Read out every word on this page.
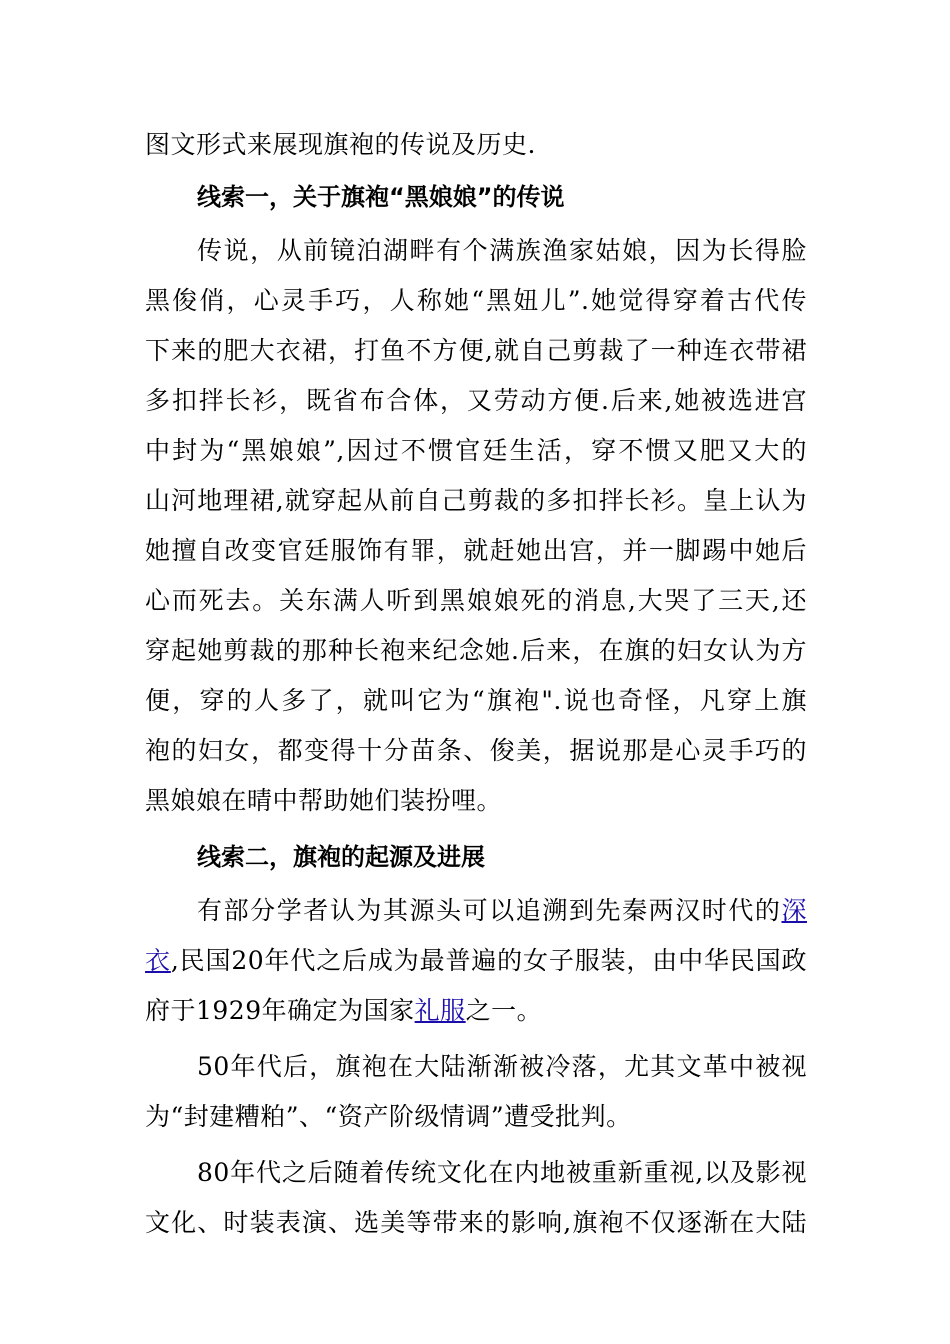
图文形式来展现旗袍的传说及历史.
线索一，关于旗袍“黑娘娘”的传说
传说，从前镜泊湖畔有个满族渔家姑娘，因为长得脸
黑俊俏，心灵手巧，人称她“黑妞儿”.她觉得穿着古代传
下来的肥大衣裙，打鱼不方便,就自己剪裁了一种连衣带裙
多扣拌长衫，既省布合体，又劳动方便.后来,她被选进宫
中封为“黑娘娘”,因过不惯官廷生活，穿不惯又肥又大的
山河地理裙,就穿起从前自己剪裁的多扣拌长衫。皇上认为
她擅自改变官廷服饰有罪，就赶她出宫，并一脚踢中她后
心而死去。关东满人听到黑娘娘死的消息,大哭了三天,还
穿起她剪裁的那种长袍来纪念她.后来，在旗的妇女认为方
便，穿的人多了，就叫它为“旗袍".说也奇怪，凡穿上旗
袍的妇女，都变得十分苗条、俊美，据说那是心灵手巧的
黑娘娘在晴中帮助她们装扮哩。
线索二，旗袍的起源及进展
有部分学者认为其源头可以追溯到先秦两汉时代的深
衣,民国20年代之后成为最普遍的女子服装，由中华民国政
府于1929年确定为国家礼服之一。
50年代后，旗袍在大陆渐渐被冷落，尤其文革中被视
为“封建糟粕”、“资产阶级情调”遭受批判。
80年代之后随着传统文化在内地被重新重视,以及影视
文化、时装表演、选美等带来的影响,旗袍不仅逐渐在大陆
